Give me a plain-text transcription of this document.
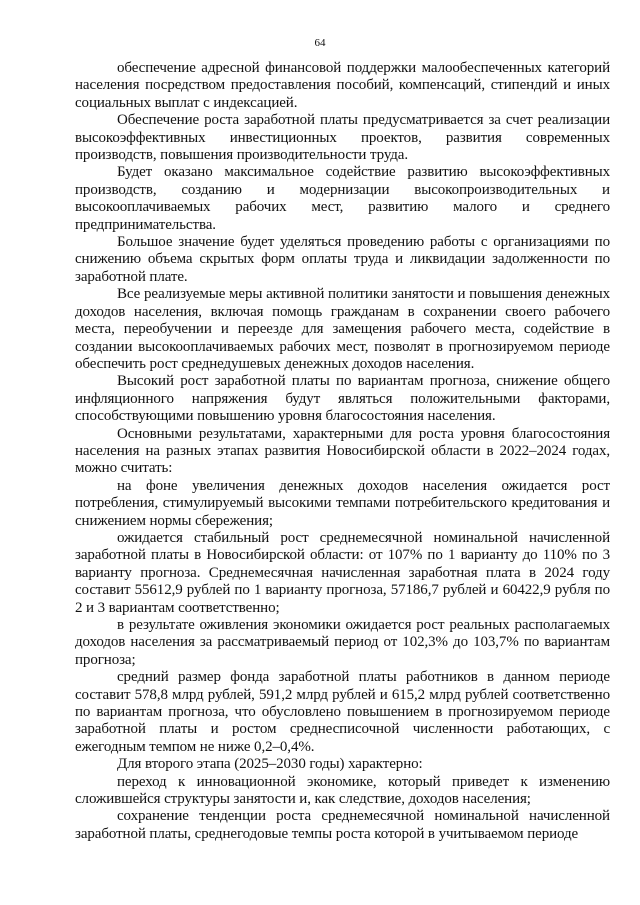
64

обеспечение адресной финансовой поддержки малообеспеченных категорий населения посредством предоставления пособий, компенсаций, стипендий и иных социальных выплат с индексацией.

Обеспечение роста заработной платы предусматривается за счет реализации высокоэффективных инвестиционных проектов, развития современных производств, повышения производительности труда.

Будет оказано максимальное содействие развитию высокоэффективных производств, созданию и модернизации высокопроизводительных и высокооплачиваемых рабочих мест, развитию малого и среднего предпринимательства.

Большое значение будет уделяться проведению работы с организациями по снижению объема скрытых форм оплаты труда и ликвидации задолженности по заработной плате.

Все реализуемые меры активной политики занятости и повышения денежных доходов населения, включая помощь гражданам в сохранении своего рабочего места, переобучении и переезде для замещения рабочего места, содействие в создании высокооплачиваемых рабочих мест, позволят в прогнозируемом периоде обеспечить рост среднедушевых денежных доходов населения.

Высокий рост заработной платы по вариантам прогноза, снижение общего инфляционного напряжения будут являться положительными факторами, способствующими повышению уровня благосостояния населения.

Основными результатами, характерными для роста уровня благосостояния населения на разных этапах развития Новосибирской области в 2022–2024 годах, можно считать:

на фоне увеличения денежных доходов населения ожидается рост потребления, стимулируемый высокими темпами потребительского кредитования и снижением нормы сбережения;

ожидается стабильный рост среднемесячной номинальной начисленной заработной платы в Новосибирской области: от 107% по 1 варианту до 110% по 3 варианту прогноза. Среднемесячная начисленная заработная плата в 2024 году составит 55612,9 рублей по 1 варианту прогноза, 57186,7 рублей и 60422,9 рубля по 2 и 3 вариантам соответственно;

в результате оживления экономики ожидается рост реальных располагаемых доходов населения за рассматриваемый период от 102,3% до 103,7% по вариантам прогноза;

средний размер фонда заработной платы работников в данном периоде составит 578,8 млрд рублей, 591,2 млрд рублей и 615,2 млрд рублей соответственно по вариантам прогноза, что обусловлено повышением в прогнозируемом периоде заработной платы и ростом среднесписочной численности работающих, с ежегодным темпом не ниже 0,2–0,4%.

Для второго этапа (2025–2030 годы) характерно:

переход к инновационной экономике, который приведет к изменению сложившейся структуры занятости и, как следствие, доходов населения;

сохранение тенденции роста среднемесячной номинальной начисленной заработной платы, среднегодовые темпы роста которой в учитываемом периоде
